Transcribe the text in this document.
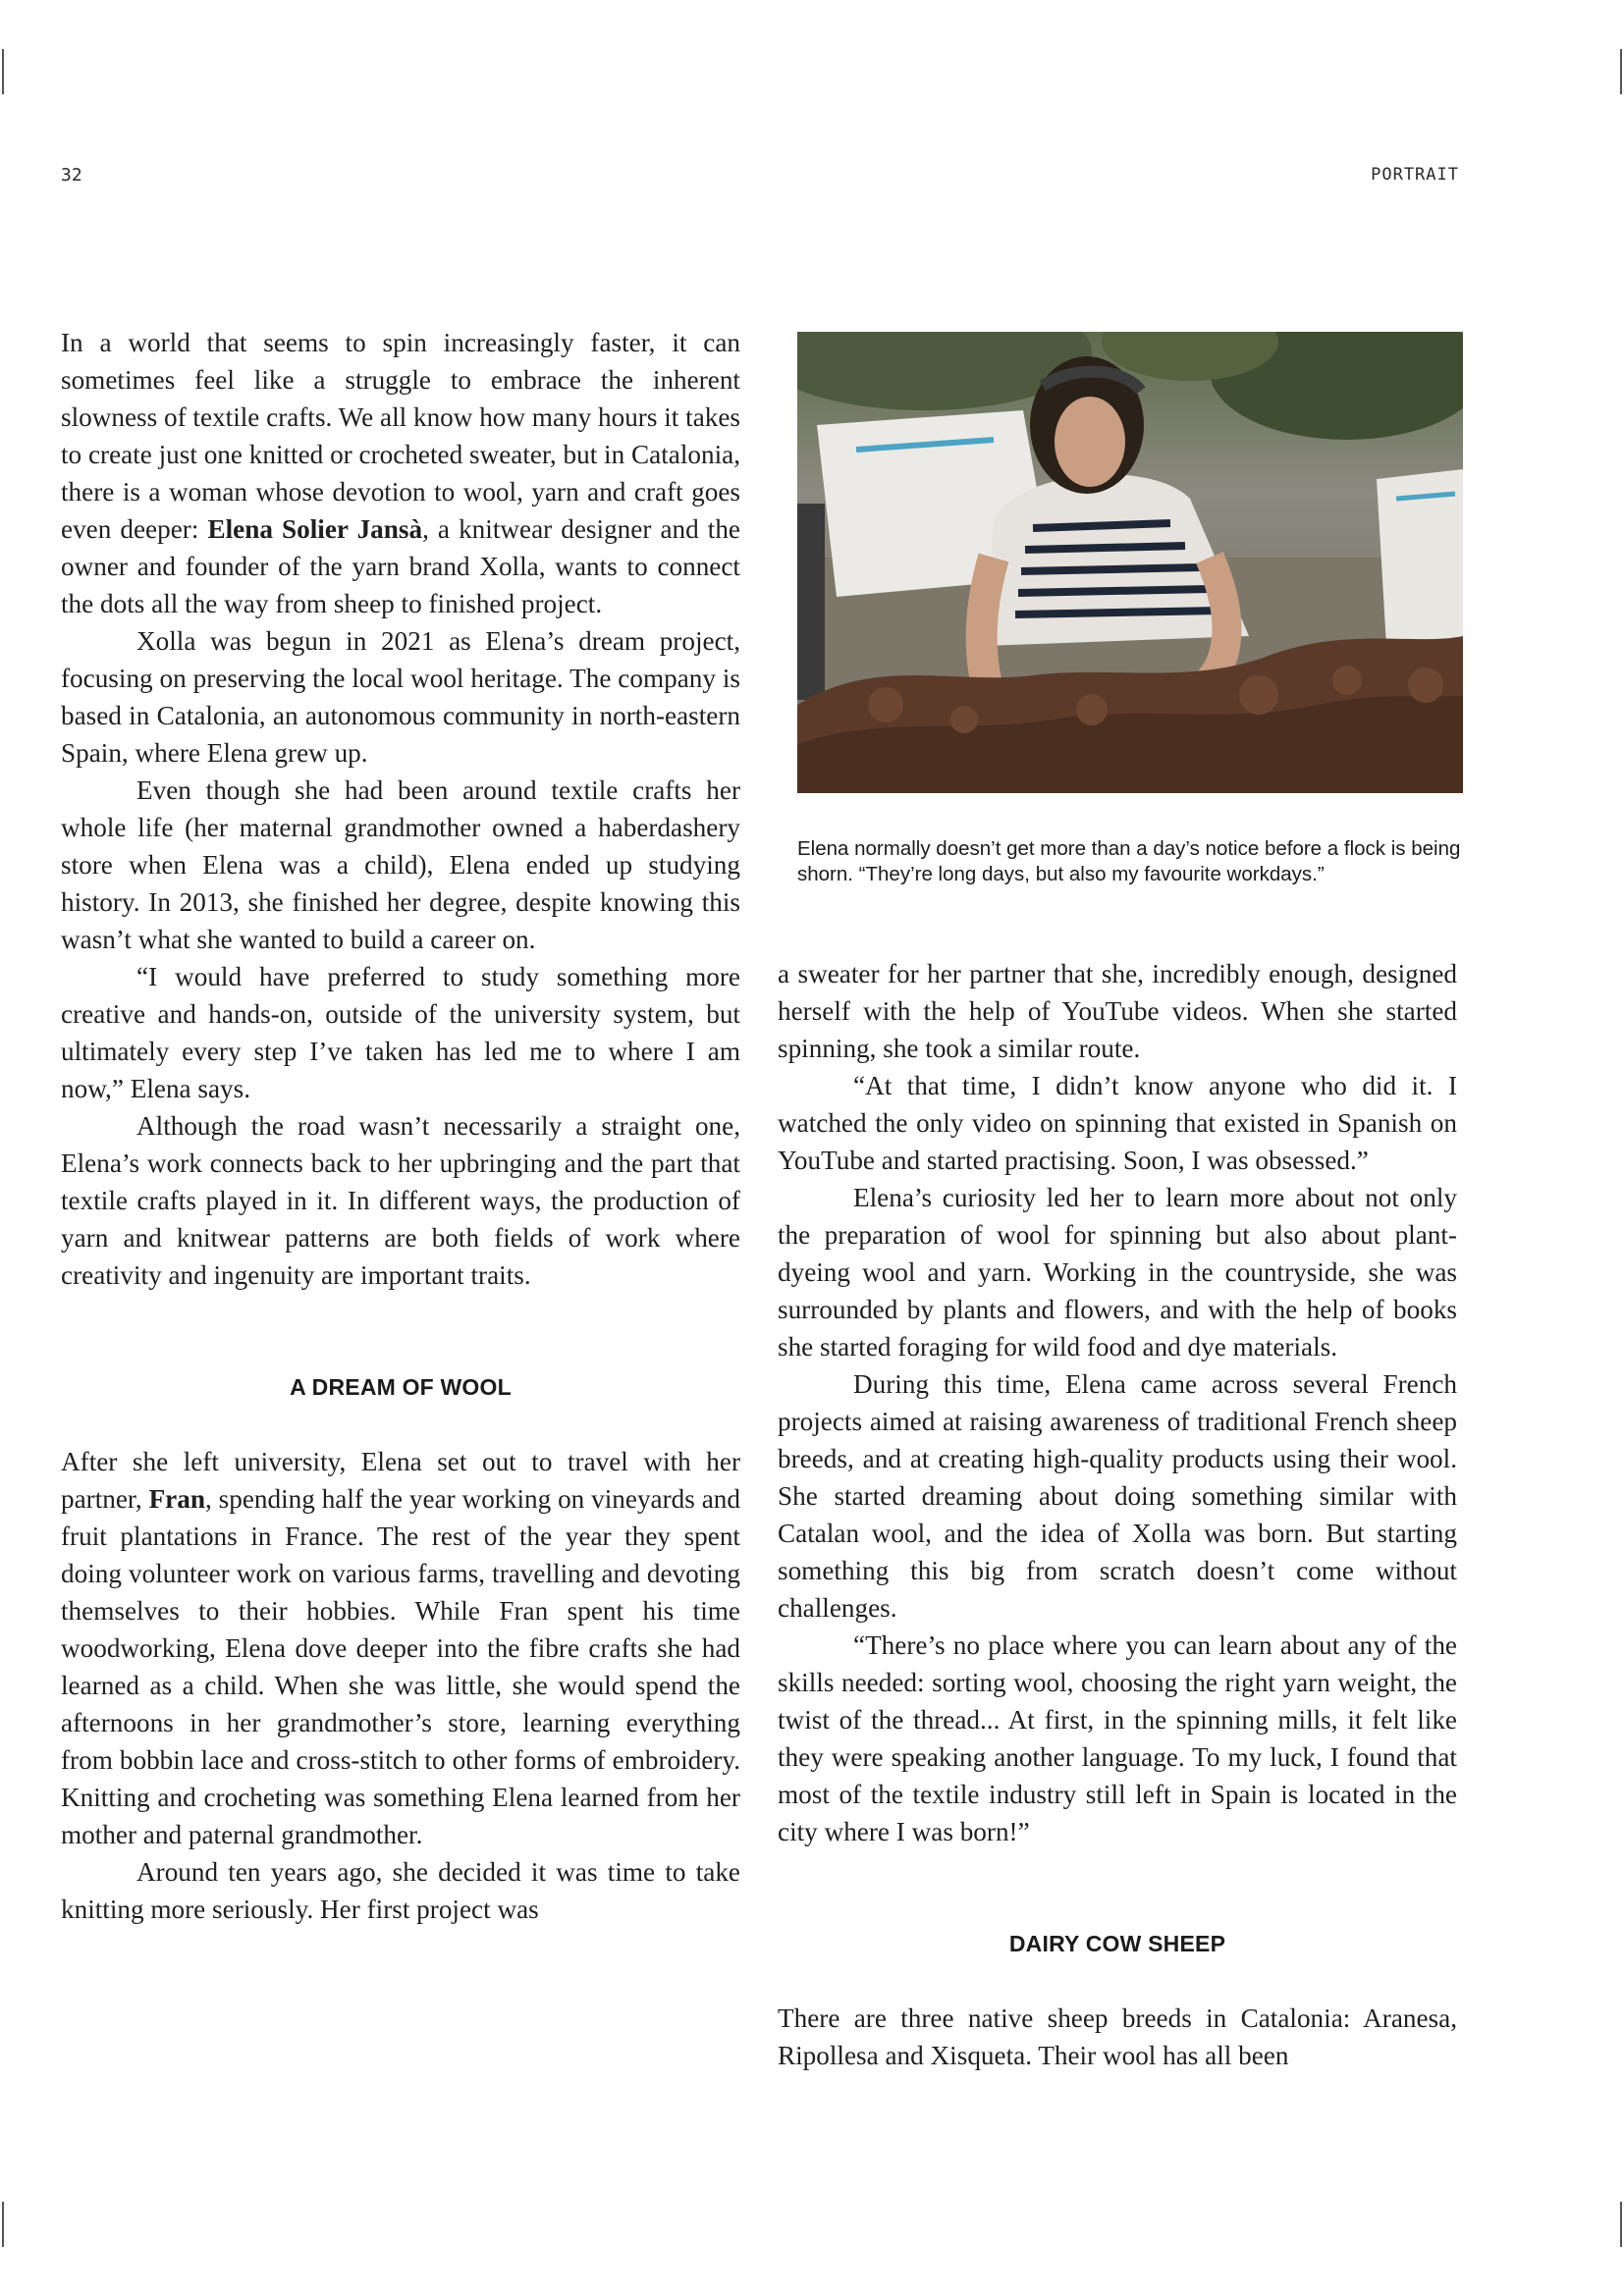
32	PORTRAIT

In a world that seems to spin increasingly faster, it can sometimes feel like a struggle to embrace the inherent slowness of textile crafts. We all know how many hours it takes to create just one knitted or crocheted sweater, but in Catalonia, there is a woman whose devotion to wool, yarn and craft goes even deeper: Elena Solier Jansà, a knitwear designer and the owner and founder of the yarn brand Xolla, wants to connect the dots all the way from sheep to finished project.

Xolla was begun in 2021 as Elena’s dream project, focusing on preserving the local wool heritage. The company is based in Catalonia, an autonomous community in north-eastern Spain, where Elena grew up.

Even though she had been around textile crafts her whole life (her maternal grandmother owned a haberdashery store when Elena was a child), Elena ended up studying history. In 2013, she finished her degree, despite knowing this wasn’t what she wanted to build a career on.

“I would have preferred to study something more creative and hands-on, outside of the university system, but ultimately every step I’ve taken has led me to where I am now,” Elena says.

Although the road wasn’t necessarily a straight one, Elena’s work connects back to her upbringing and the part that textile crafts played in it. In different ways, the production of yarn and knitwear patterns are both fields of work where creativity and ingenuity are important traits.

A DREAM OF WOOL

After she left university, Elena set out to travel with her partner, Fran, spending half the year working on vineyards and fruit plantations in France. The rest of the year they spent doing volunteer work on various farms, travelling and devoting themselves to their hobbies. While Fran spent his time woodworking, Elena dove deeper into the fibre crafts she had learned as a child. When she was little, she would spend the afternoons in her grandmother’s store, learning everything from bobbin lace and cross-stitch to other forms of embroidery. Knitting and crocheting was something Elena learned from her mother and paternal grandmother.

Around ten years ago, she decided it was time to take knitting more seriously. Her first project was

Elena normally doesn’t get more than a day’s notice before a flock is being shorn. “They’re long days, but also my favourite workdays.”

a sweater for her partner that she, incredibly enough, designed herself with the help of YouTube videos. When she started spinning, she took a similar route.

“At that time, I didn’t know anyone who did it. I watched the only video on spinning that existed in Spanish on YouTube and started practising. Soon, I was obsessed.”

Elena’s curiosity led her to learn more about not only the preparation of wool for spinning but also about plant-dyeing wool and yarn. Working in the countryside, she was surrounded by plants and flowers, and with the help of books she started foraging for wild food and dye materials.

During this time, Elena came across several French projects aimed at raising awareness of traditional French sheep breeds, and at creating high-quality products using their wool. She started dreaming about doing something similar with Catalan wool, and the idea of Xolla was born. But starting something this big from scratch doesn’t come without challenges.

“There’s no place where you can learn about any of the skills needed: sorting wool, choosing the right yarn weight, the twist of the thread... At first, in the spinning mills, it felt like they were speaking another language. To my luck, I found that most of the textile industry still left in Spain is located in the city where I was born!”

DAIRY COW SHEEP

There are three native sheep breeds in Catalonia: Aranesa, Ripollesa and Xisqueta. Their wool has all been
